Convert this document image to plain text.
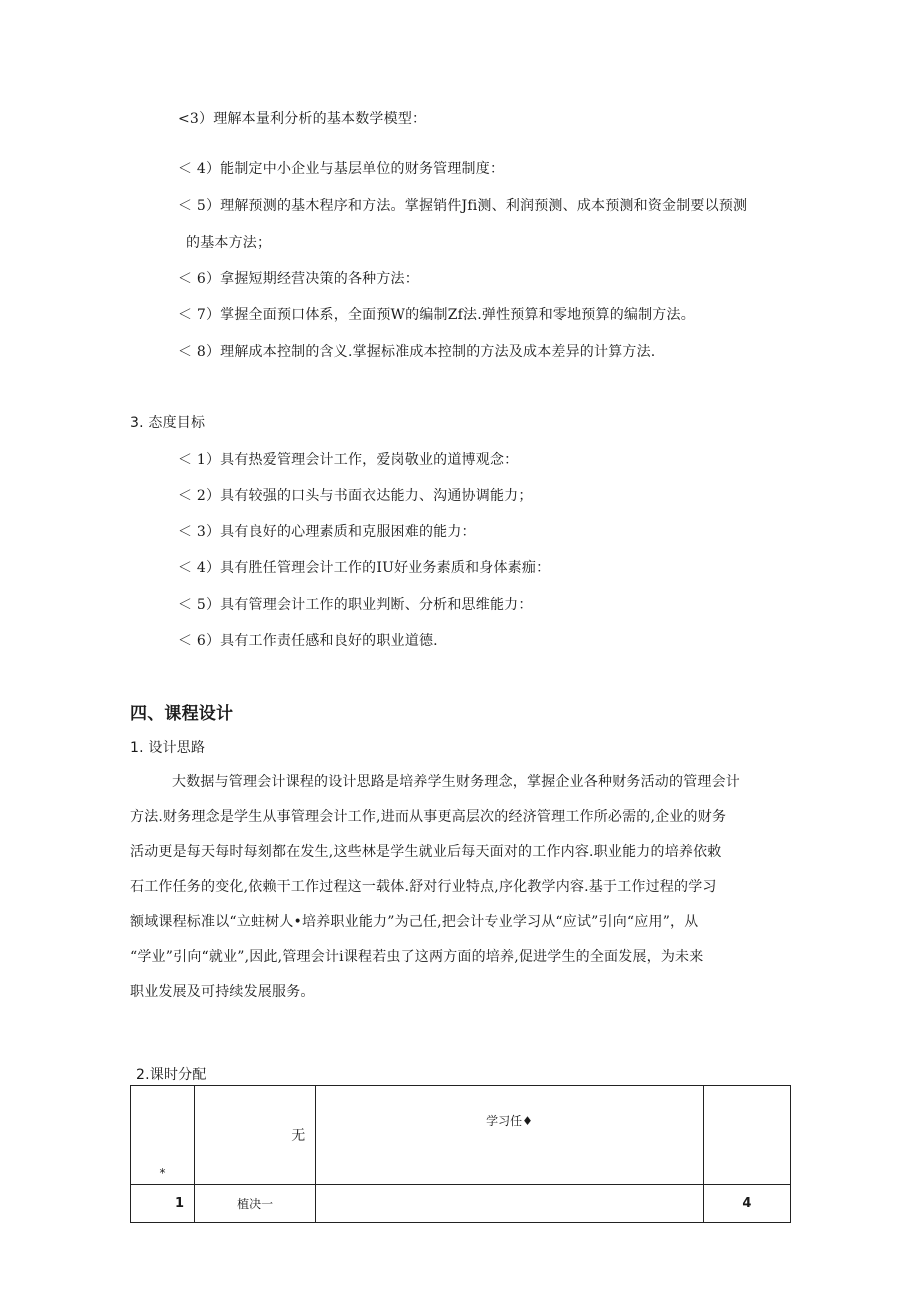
<3）理解本量利分析的基本数学模型：
＜ 4）能制定中小企业与基层单位的财务管理制度：
＜ 5）理解预测的基木程序和方法。掌握销件Jfi测、利润预测、成本预测和资金制要以预测
的基本方法；
＜ 6）拿握短期经营决策的各种方法：
＜ 7）掌握全面预口体系，全面预W的编制Zf法.弹性预算和零地预算的编制方法。
＜ 8）理解成本控制的含义.掌握标准成本控制的方法及成本差异的计算方法.
3. 态度目标
＜ 1）具有热爱管理会计工作，爱岗敬业的道博观念：
＜ 2）具有较强的口头与书面衣达能力、沟通协调能力；
＜ 3）具有良好的心理素质和克服困难的能力：
＜ 4）具有胜任管理会计工作的IU好业务素质和身体素痂：
＜ 5）具有管理会计工作的职业判断、分析和思维能力：
＜ 6）具有工作责任感和良好的职业道德.
四、课程设计
1. 设计思路
大数据与管理会计课程的设计思路是培养学生财务理念，掌握企业各种财务活动的管理会计
方法.财务理念是学生从事管理会计工作,进而从事更高层次的经济管理工作所必需的,企业的财务
活动更是每天每时每刻都在发生,这些林是学生就业后每天面对的工作内容.职业能力的培养依敕
石工作任务的变化,依赖干工作过程这一载体.舒对行业特点,序化教学内容.基于工作过程的学习
额域课程标准以“立蛀树人•培养职业能力”为己任,把会计专业学习从“应试”引向“应用”，从
“学业”引向“就业”,因此,管理会计i课程若虫了这两方面的培养,促进学生的全面发展，为未来
职业发展及可持续发展服务。
2.课时分配
*	无	学习任♦	
1	植决一		4
